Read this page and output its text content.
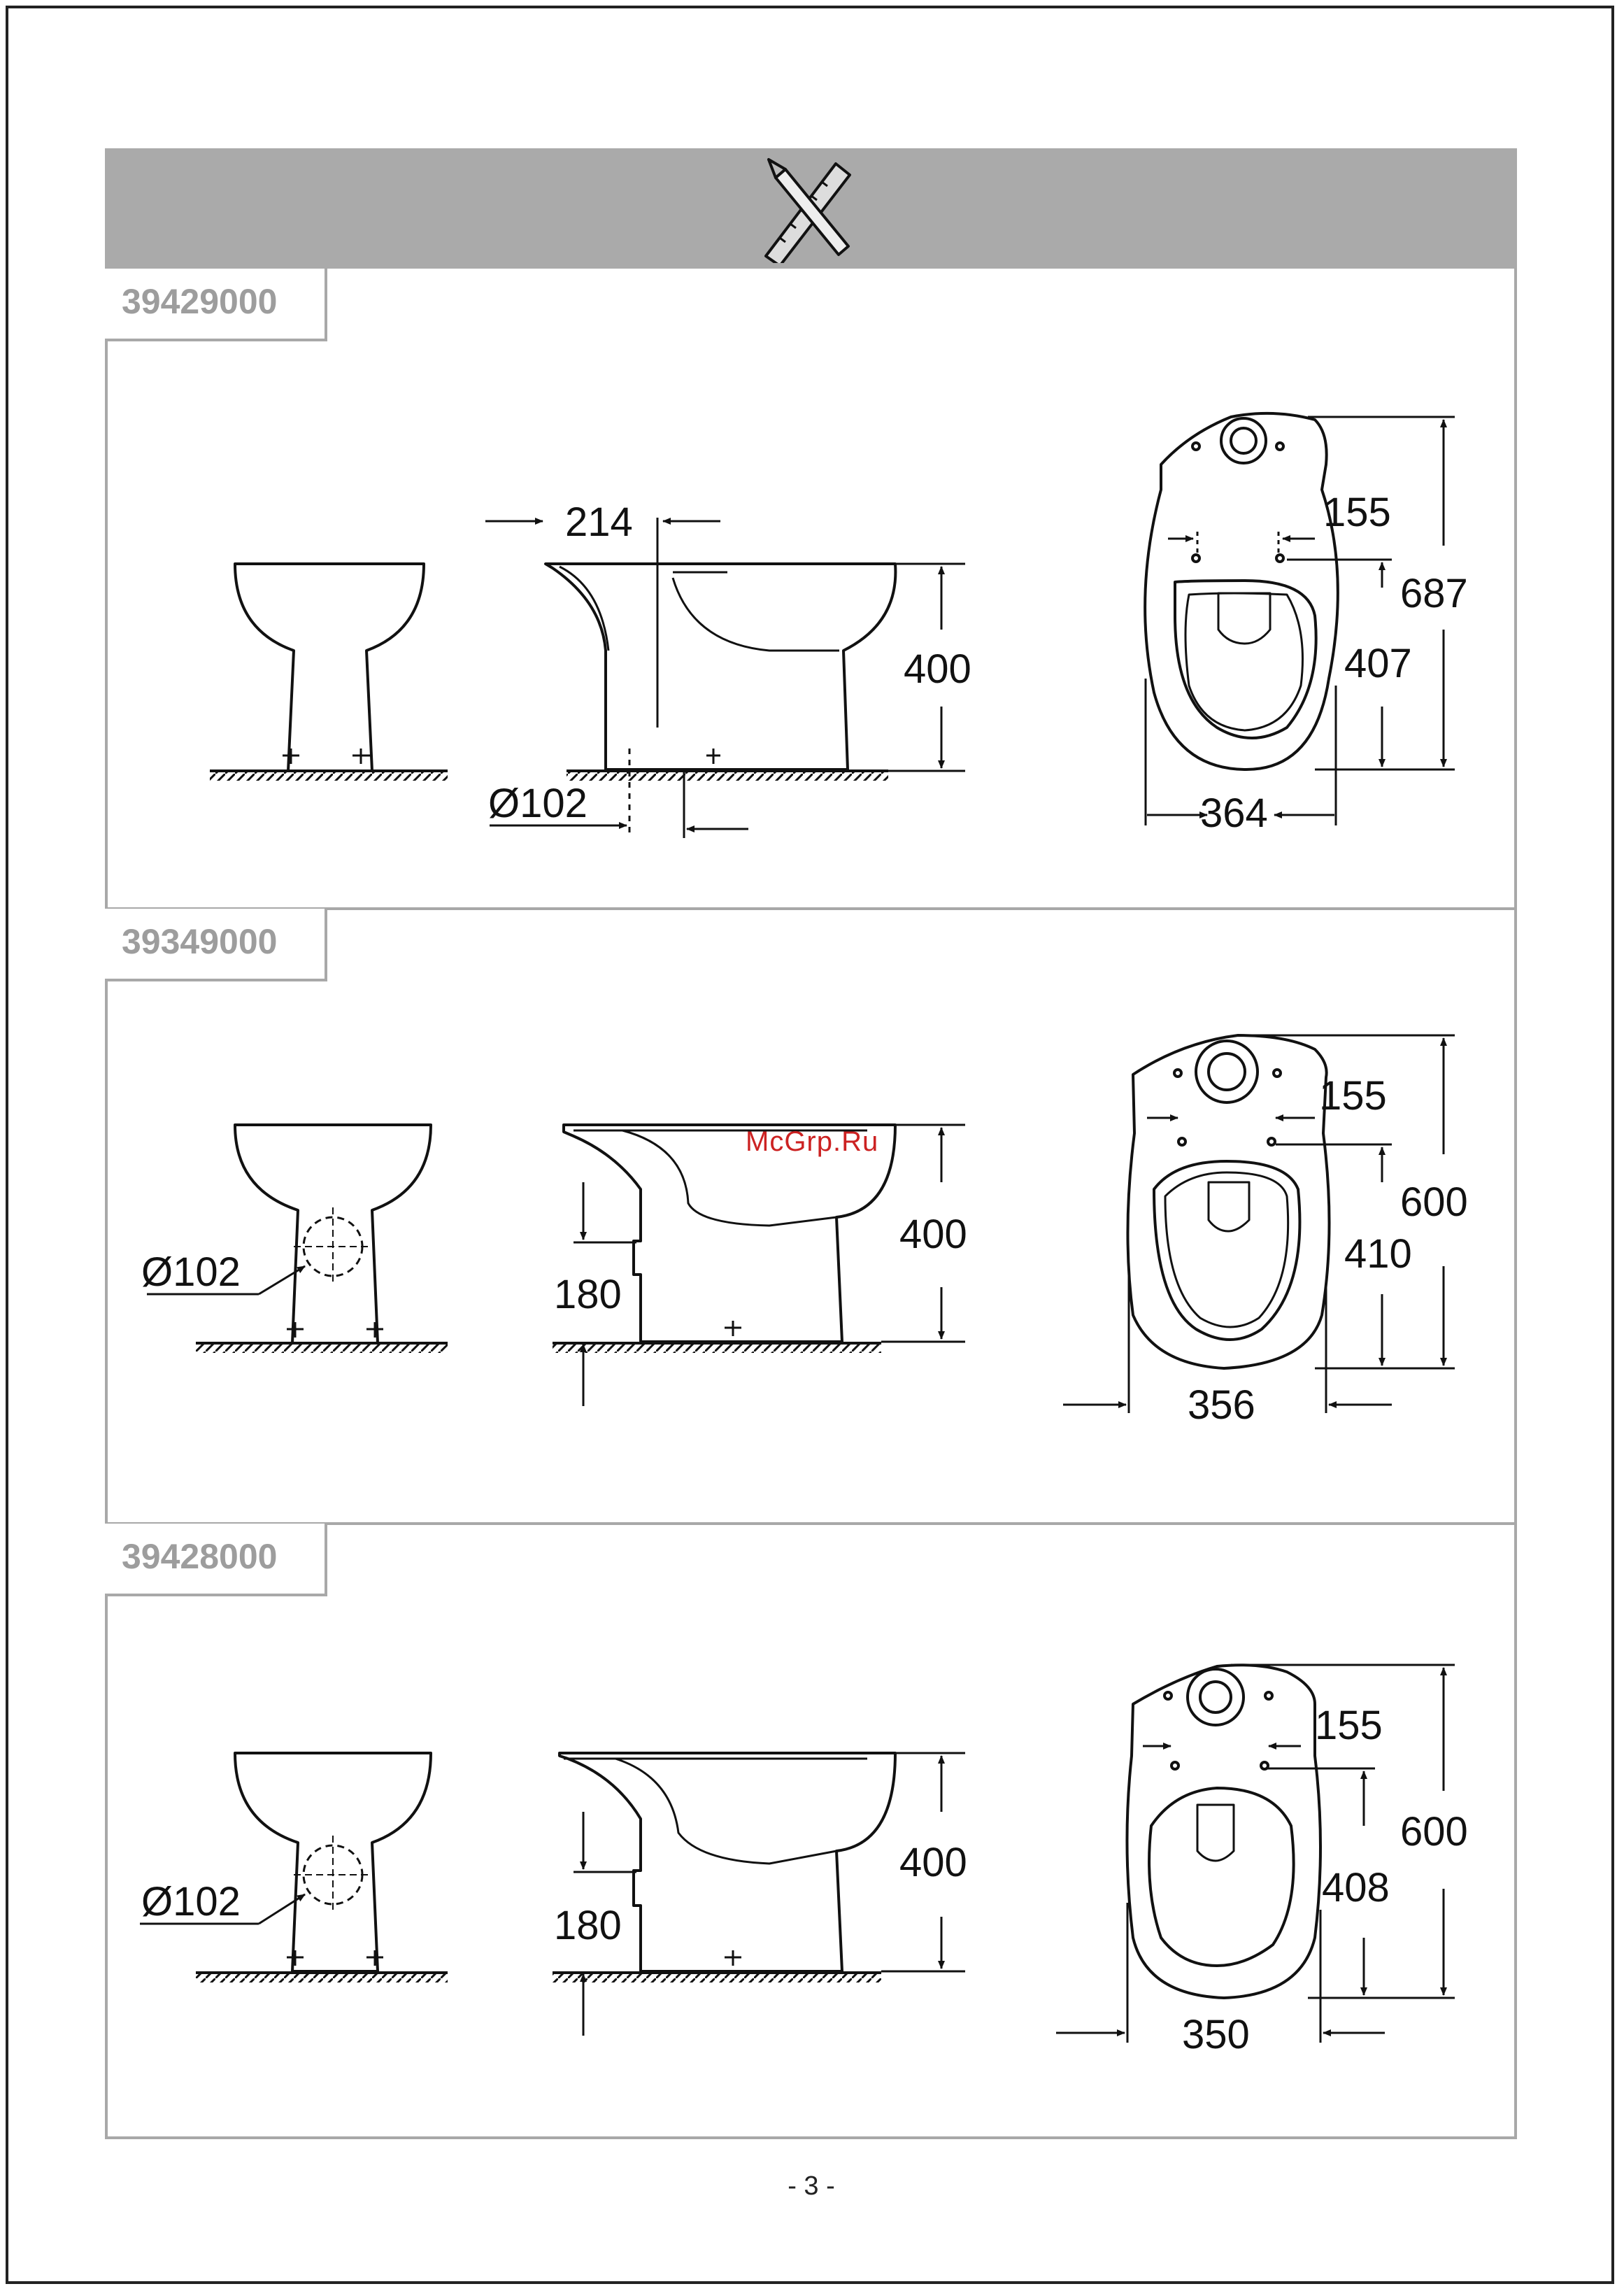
39429000
39349000
39428000
214
400
Ø102
155
687
407
364
Ø102
400
180
155
600
410
356
Ø102
400
180
155
600
408
350
McGrp.Ru
- 3 -
